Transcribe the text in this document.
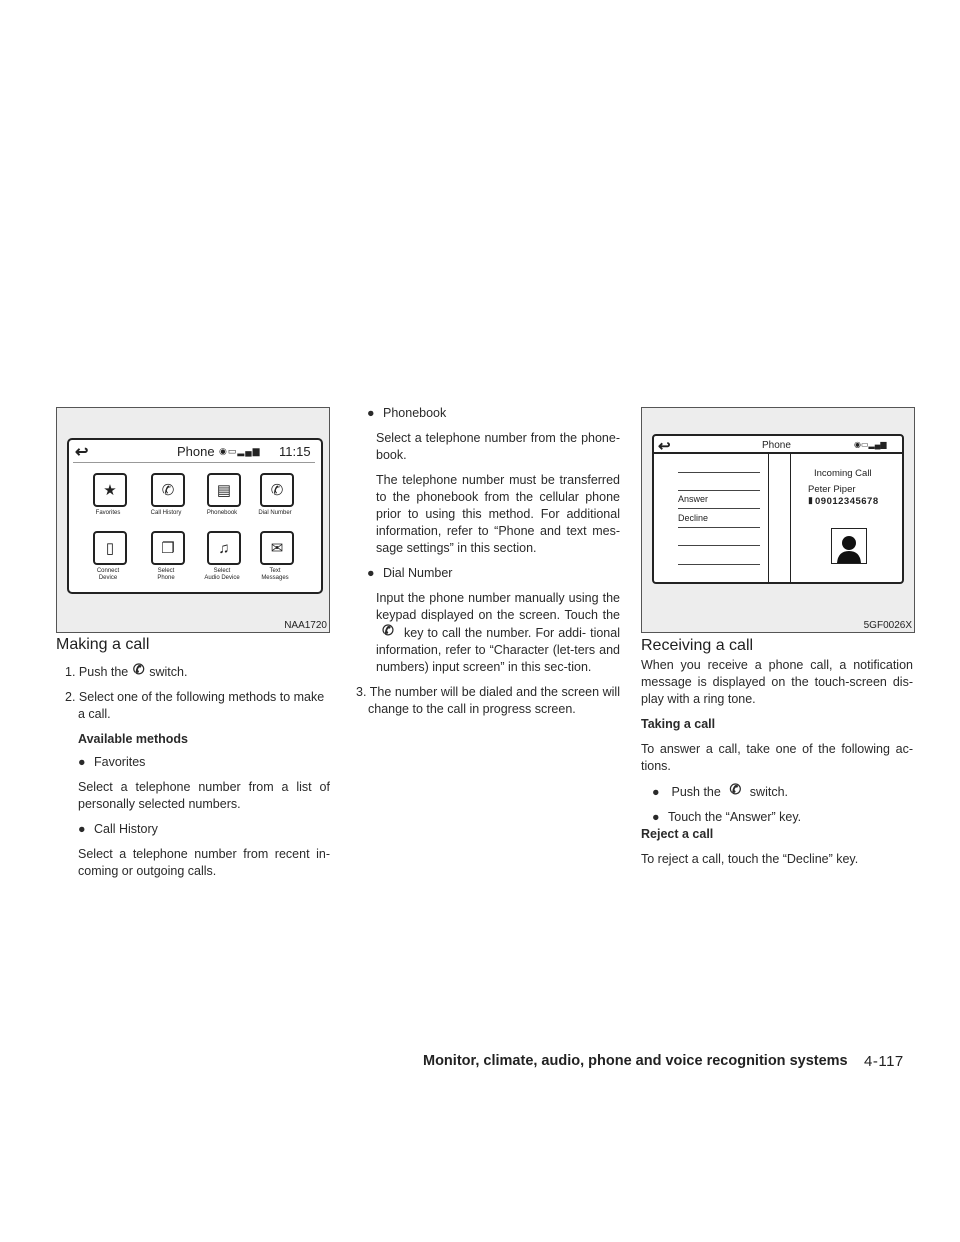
↩	Phone ◉▭▂▄▆ 11:15
★
Favorites
✆
Call History
▤
Phonebook
✆
Dial Number
▯
Connect
Device
❐
Select
Phone
♫
Select
Audio Device
✉
Text
Messages
NAA1720
↩	Phone	◉▭▂▄▆
Answer
Decline
Incoming Call
Peter Piper
▮ 09012345678
5GF0026X
Making a call

1. Push the ✆ switch.

2. Select one of the following methods to make a call.

Available methods

● Favorites

Select a telephone number from a list of personally selected numbers.

● Call History

Select a telephone number from recent in-coming or outgoing calls.

● Phonebook

Select a telephone number from the phone-book.

The telephone number must be transferred to the phonebook from the cellular phone prior to using this method. For additional information, refer to “Phone and text mes-sage settings” in this section.

● Dial Number

Input the phone number manually using the keypad displayed on the screen. Touch the ✆ key to call the number. For addi- tional information, refer to “Character (let-ters and numbers) input screen” in this sec-tion.

3. The number will be dialed and the screen will change to the call in progress screen.

Receiving a call

When you receive a phone call, a notification message is displayed on the touch-screen dis-play with a ring tone.

Taking a call

To answer a call, take one of the following ac-tions.

● Push the ✆ switch.

● Touch the “Answer” key.

Reject a call

To reject a call, touch the “Decline” key.

Monitor, climate, audio, phone and voice recognition systems 4-117
